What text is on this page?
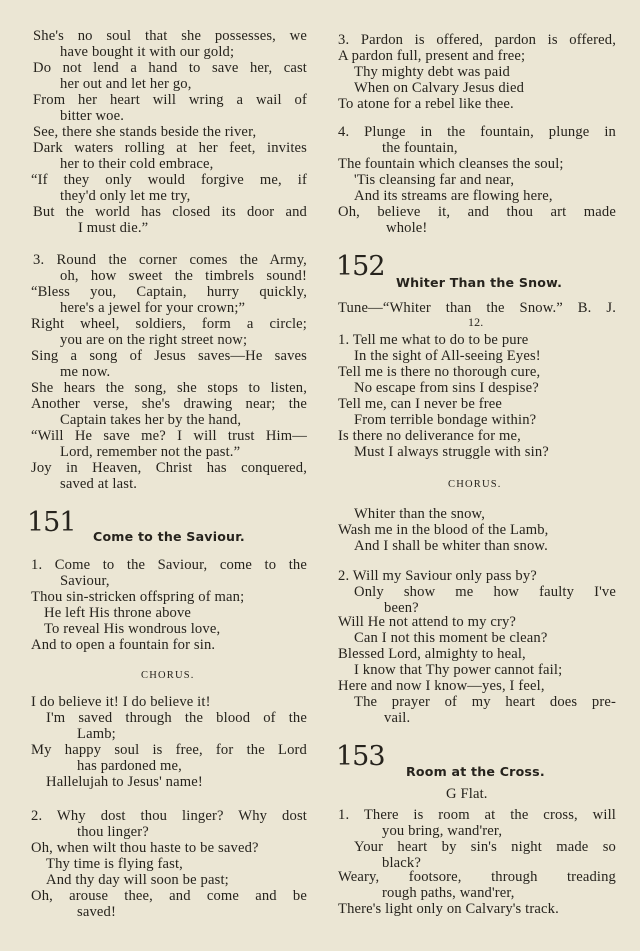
She's no soul that she possesses, we
have bought it with our gold;
Do not lend a hand to save her, cast
her out and let her go,
From her heart will wring a wail of
bitter woe.
See, there she stands beside the river,
Dark waters rolling at her feet, invites
her to their cold embrace,
“If they only would forgive me, if
they'd only let me try,
But the world has closed its door and
I must die.”
3. Round the corner comes the Army,
oh, how sweet the timbrels sound!
“Bless you, Captain, hurry quickly,
here's a jewel for your crown;”
Right wheel, soldiers, form a circle;
you are on the right street now;
Sing a song of Jesus saves—He saves
me now.
She hears the song, she stops to listen,
Another verse, she's drawing near; the
Captain takes her by the hand,
“Will He save me? I will trust Him—
Lord, remember not the past.”
Joy in Heaven, Christ has conquered,
saved at last.
151 Come to the Saviour.
1. Come to the Saviour, come to the
Saviour,
Thou sin-stricken offspring of man;
He left His throne above
To reveal His wondrous love,
And to open a fountain for sin.
CHORUS.
I do believe it! I do believe it!
I'm saved through the blood of the
Lamb;
My happy soul is free, for the Lord
has pardoned me,
Hallelujah to Jesus' name!
2. Why dost thou linger? Why dost
thou linger?
Oh, when wilt thou haste to be saved?
Thy time is flying fast,
And thy day will soon be past;
Oh, arouse thee, and come and be
saved!
3. Pardon is offered, pardon is offered,
A pardon full, present and free;
Thy mighty debt was paid
When on Calvary Jesus died
To atone for a rebel like thee.
4. Plunge in the fountain, plunge in
the fountain,
The fountain which cleanses the soul;
'Tis cleansing far and near,
And its streams are flowing here,
Oh, believe it, and thou art made
whole!
152
Whiter Than the Snow.
Tune—“Whiter than the Snow.” B. J.
12.
1. Tell me what to do to be pure
In the sight of All-seeing Eyes!
Tell me is there no thorough cure,
No escape from sins I despise?
Tell me, can I never be free
From terrible bondage within?
Is there no deliverance for me,
Must I always struggle with sin?
CHORUS.
Whiter than the snow,
Wash me in the blood of the Lamb,
And I shall be whiter than snow.
2. Will my Saviour only pass by?
Only show me how faulty I've
been?
Will He not attend to my cry?
Can I not this moment be clean?
Blessed Lord, almighty to heal,
I know that Thy power cannot fail;
Here and now I know—yes, I feel,
The prayer of my heart does pre-
vail.
153 Room at the Cross.
G Flat.
1. There is room at the cross, will
you bring, wand'rer,
Your heart by sin's night made so
black?
Weary, footsore, through treading
rough paths, wand'rer,
There's light only on Calvary's track.
